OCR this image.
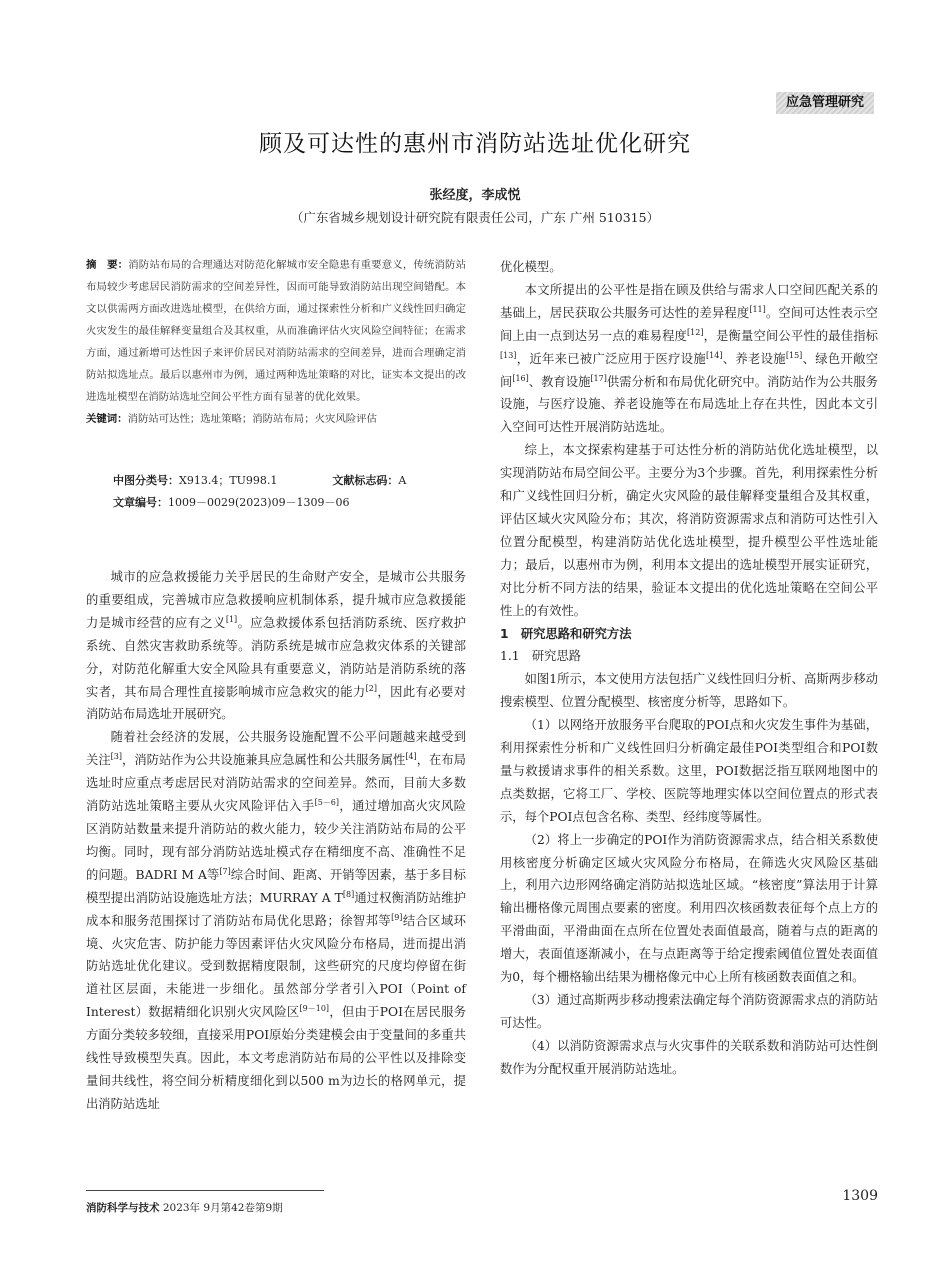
应急管理研究
顾及可达性的惠州市消防站选址优化研究
张经度，李成悦
（广东省城乡规划设计研究院有限责任公司，广东 广州 510315）
摘　要：消防站布局的合理通达对防范化解城市安全隐患有重要意义，传统消防站布局较少考虑居民消防需求的空间差异性，因而可能导致消防站出现空间错配。本文以供需两方面改进选址模型，在供给方面，通过探索性分析和广义线性回归确定火灾发生的最佳解释变量组合及其权重，从而准确评估火灾风险空间特征；在需求方面，通过新增可达性因子来评价居民对消防站需求的空间差异，进而合理确定消防站拟选址点。最后以惠州市为例，通过两种选址策略的对比，证实本文提出的改进选址模型在消防站选址空间公平性方面有显著的优化效果。
关键词：消防站可达性；选址策略；消防站布局；火灾风险评估
中图分类号：X913.4；TU998.1	文献标志码：A
文章编号：1009－0029(2023)09－1309－06

城市的应急救援能力关乎居民的生命财产安全，是城市公共服务的重要组成，完善城市应急救援响应机制体系，提升城市应急救援能力是城市经营的应有之义[1]。应急救援体系包括消防系统、医疗救护系统、自然灾害救助系统等。消防系统是城市应急救灾体系的关键部分，对防范化解重大安全风险具有重要意义，消防站是消防系统的落实者，其布局合理性直接影响城市应急救灾的能力[2]，因此有必要对消防站布局选址开展研究。

随着社会经济的发展，公共服务设施配置不公平问题越来越受到关注[3]，消防站作为公共设施兼具应急属性和公共服务属性[4]，在布局选址时应重点考虑居民对消防站需求的空间差异。然而，目前大多数消防站选址策略主要从火灾风险评估入手[5－6]，通过增加高火灾风险区消防站数量来提升消防站的救火能力，较少关注消防站布局的公平均衡。同时，现有部分消防站选址模式存在精细度不高、准确性不足的问题。BADRI M A等[7]综合时间、距离、开销等因素，基于多目标模型提出消防站设施选址方法；MURRAY A T[8]通过权衡消防站维护成本和服务范围探讨了消防站布局优化思路；徐智邦等[9]结合区域环境、火灾危害、防护能力等因素评估火灾风险分布格局，进而提出消防站选址优化建议。受到数据精度限制，这些研究的尺度均停留在街道社区层面，未能进一步细化。虽然部分学者引入POI（Point of Interest）数据精细化识别火灾风险区[9－10]，但由于POI在居民服务方面分类较多较细，直接采用POI原始分类建模会由于变量间的多重共线性导致模型失真。因此，本文考虑消防站布局的公平性以及排除变量间共线性，将空间分析精度细化到以500 m为边长的格网单元，提出消防站选址

优化模型。

本文所提出的公平性是指在顾及供给与需求人口空间匹配关系的基础上，居民获取公共服务可达性的差异程度[11]。空间可达性表示空间上由一点到达另一点的难易程度[12]，是衡量空间公平性的最佳指标[13]，近年来已被广泛应用于医疗设施[14]、养老设施[15]、绿色开敞空间[16]、教育设施[17]供需分析和布局优化研究中。消防站作为公共服务设施，与医疗设施、养老设施等在布局选址上存在共性，因此本文引入空间可达性开展消防站选址。

综上，本文探索构建基于可达性分析的消防站优化选址模型，以实现消防站布局空间公平。主要分为3个步骤。首先，利用探索性分析和广义线性回归分析，确定火灾风险的最佳解释变量组合及其权重，评估区域火灾风险分布；其次，将消防资源需求点和消防可达性引入位置分配模型，构建消防站优化选址模型，提升模型公平性选址能力；最后，以惠州市为例，利用本文提出的选址模型开展实证研究，对比分析不同方法的结果，验证本文提出的优化选址策略在空间公平性上的有效性。

1　研究思路和研究方法

1.1　研究思路

如图1所示，本文使用方法包括广义线性回归分析、高斯两步移动搜索模型、位置分配模型、核密度分析等，思路如下。

（1）以网络开放服务平台爬取的POI点和火灾发生事件为基础，利用探索性分析和广义线性回归分析确定最佳POI类型组合和POI数量与救援请求事件的相关系数。这里，POI数据泛指互联网地图中的点类数据，它将工厂、学校、医院等地理实体以空间位置点的形式表示，每个POI点包含名称、类型、经纬度等属性。

（2）将上一步确定的POI作为消防资源需求点，结合相关系数使用核密度分析确定区域火灾风险分布格局，在筛选火灾风险区基础上，利用六边形网络确定消防站拟选址区域。“核密度”算法用于计算输出栅格像元周围点要素的密度。利用四次核函数表征每个点上方的平滑曲面，平滑曲面在点所在位置处表面值最高，随着与点的距离的增大，表面值逐渐减小，在与点距离等于给定搜索阈值位置处表面值为0，每个栅格输出结果为栅格像元中心上所有核函数表面值之和。

（3）通过高斯两步移动搜索法确定每个消防资源需求点的消防站可达性。

（4）以消防资源需求点与火灾事件的关联系数和消防站可达性倒数作为分配权重开展消防站选址。

消防科学与技术 2023年 9月第42卷第9期
1309
